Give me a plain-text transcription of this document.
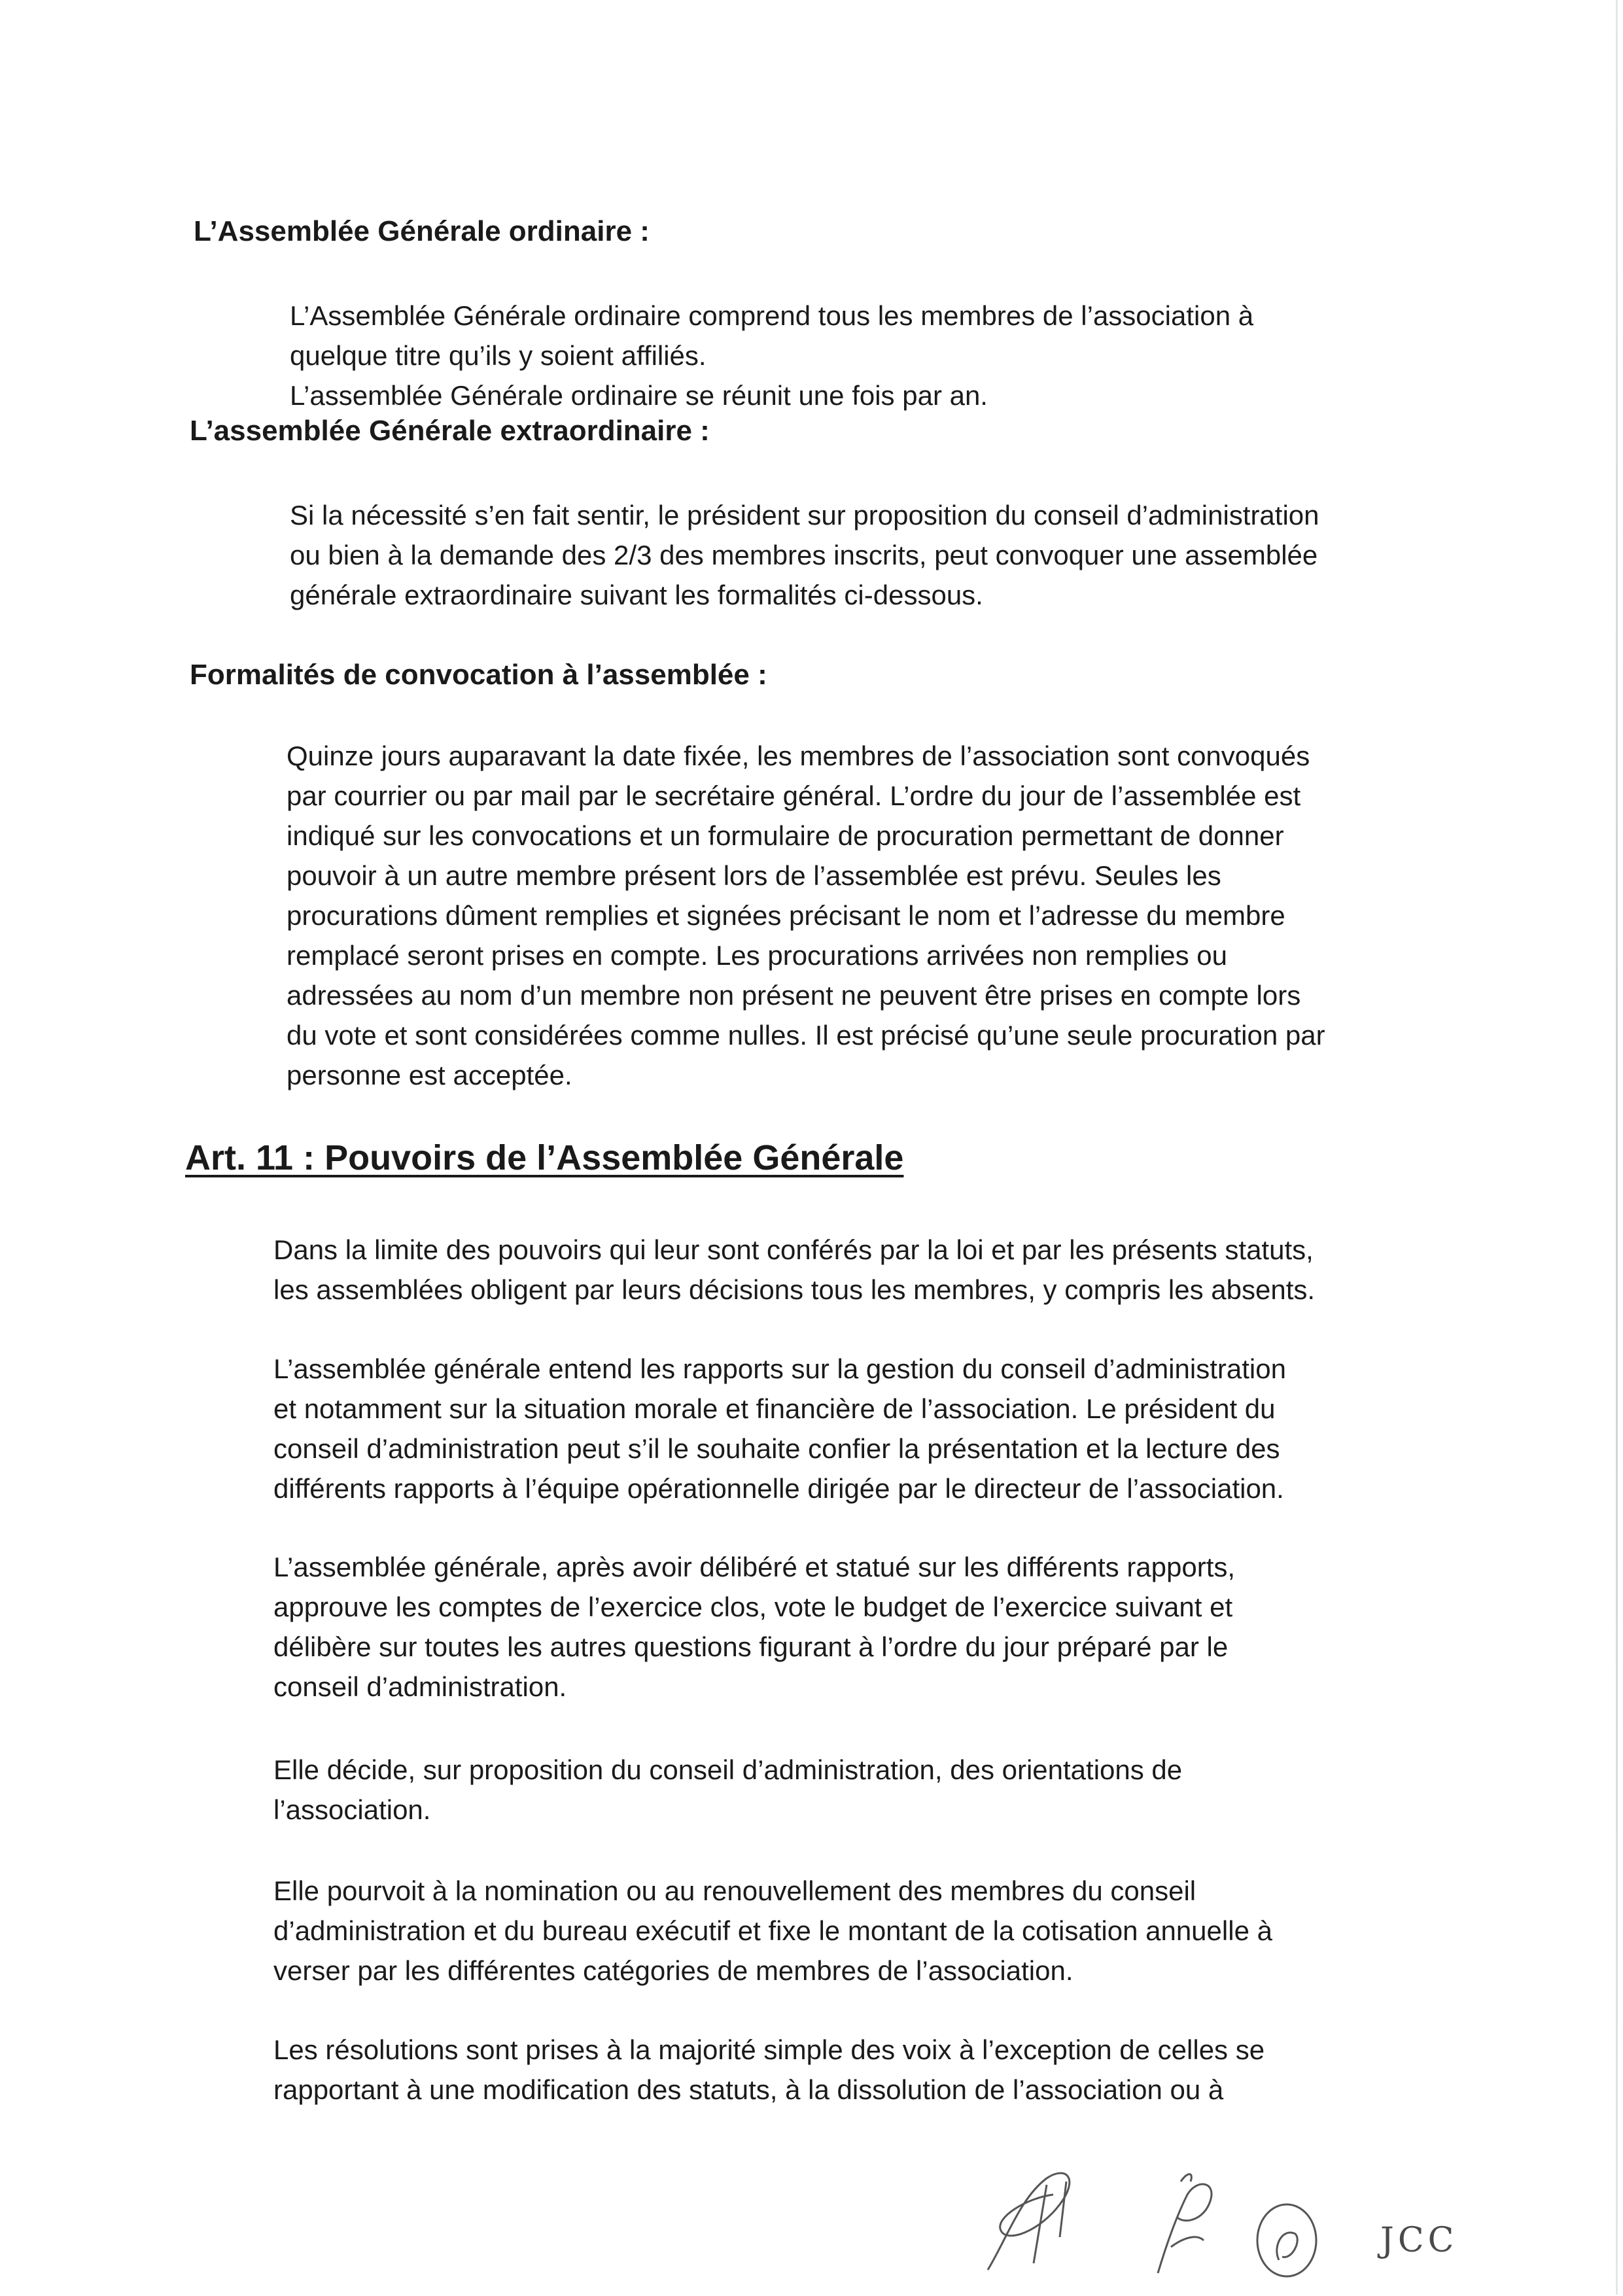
L’Assemblée Générale ordinaire :
L’Assemblée Générale ordinaire comprend tous les membres de l’association à
quelque titre qu’ils y soient affiliés.
L’assemblée Générale ordinaire se réunit une fois par an.
L’assemblée Générale extraordinaire :
Si la nécessité s’en fait sentir, le président sur proposition du conseil d’administration
ou bien à la demande des 2/3 des membres inscrits, peut convoquer une assemblée
générale extraordinaire suivant les formalités ci-dessous.
Formalités de convocation à l’assemblée :
Quinze jours auparavant la date fixée, les membres de l’association sont convoqués
par courrier ou par mail par le secrétaire général. L’ordre du jour de l’assemblée est
indiqué sur les convocations et un formulaire de procuration permettant de donner
pouvoir à un autre membre présent lors de l’assemblée est prévu. Seules les
procurations dûment remplies et signées précisant le nom et l’adresse du membre
remplacé seront prises en compte. Les procurations arrivées non remplies ou
adressées au nom d’un membre non présent ne peuvent être prises en compte lors
du vote et sont considérées comme nulles. Il est précisé qu’une seule procuration par
personne est acceptée.
Art. 11 : Pouvoirs de l’Assemblée Générale
Dans la limite des pouvoirs qui leur sont conférés par la loi et par les présents statuts,
les assemblées obligent par leurs décisions tous les membres, y compris les absents.
L’assemblée générale entend les rapports sur la gestion du conseil d’administration
et notamment sur la situation morale et financière de l’association. Le président du
conseil d’administration peut s’il le souhaite confier la présentation et la lecture des
différents rapports à l’équipe opérationnelle dirigée par le directeur de l’association.
L’assemblée générale, après avoir délibéré et statué sur les différents rapports,
approuve les comptes de l’exercice clos, vote le budget de l’exercice suivant et
délibère sur toutes les autres questions figurant à l’ordre du jour préparé par le
conseil d’administration.
Elle décide, sur proposition du conseil d’administration, des orientations de
l’association.
Elle pourvoit à la nomination ou au renouvellement des membres du conseil
d’administration et du bureau exécutif et fixe le montant de la cotisation annuelle à
verser par les différentes catégories de membres de l’association.
Les résolutions sont prises à la majorité simple des voix à l’exception de celles se
rapportant à une modification des statuts, à la dissolution de l’association ou à
JCC
